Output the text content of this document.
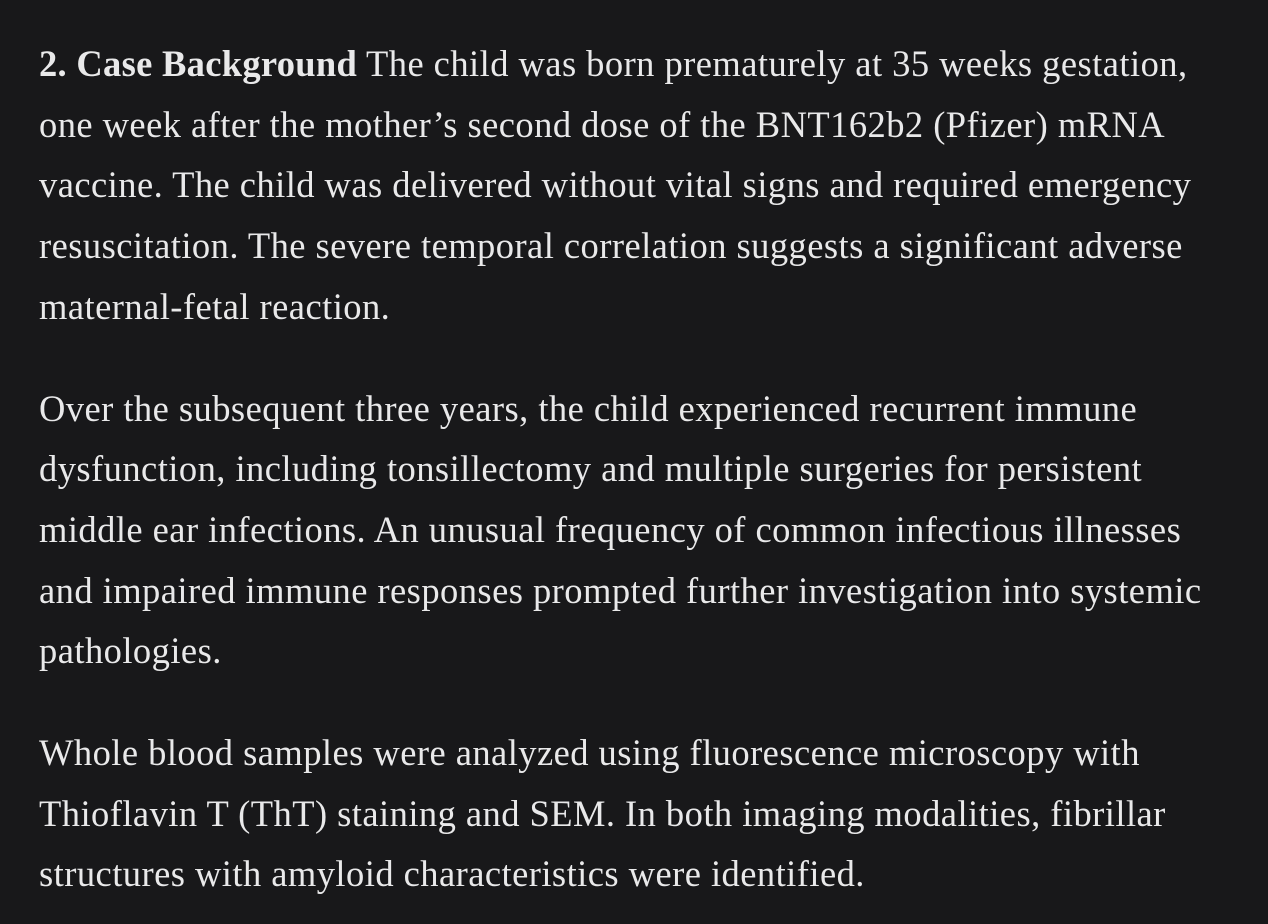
2. Case Background The child was born prematurely at 35 weeks gestation, one week after the mother’s second dose of the BNT162b2 (Pfizer) mRNA vaccine. The child was delivered without vital signs and required emergency resuscitation. The severe temporal correlation suggests a significant adverse maternal-fetal reaction.

Over the subsequent three years, the child experienced recurrent immune dysfunction, including tonsillectomy and multiple surgeries for persistent middle ear infections. An unusual frequency of common infectious illnesses and impaired immune responses prompted further investigation into systemic pathologies.

Whole blood samples were analyzed using fluorescence microscopy with Thioflavin T (ThT) staining and SEM. In both imaging modalities, fibrillar structures with amyloid characteristics were identified.
